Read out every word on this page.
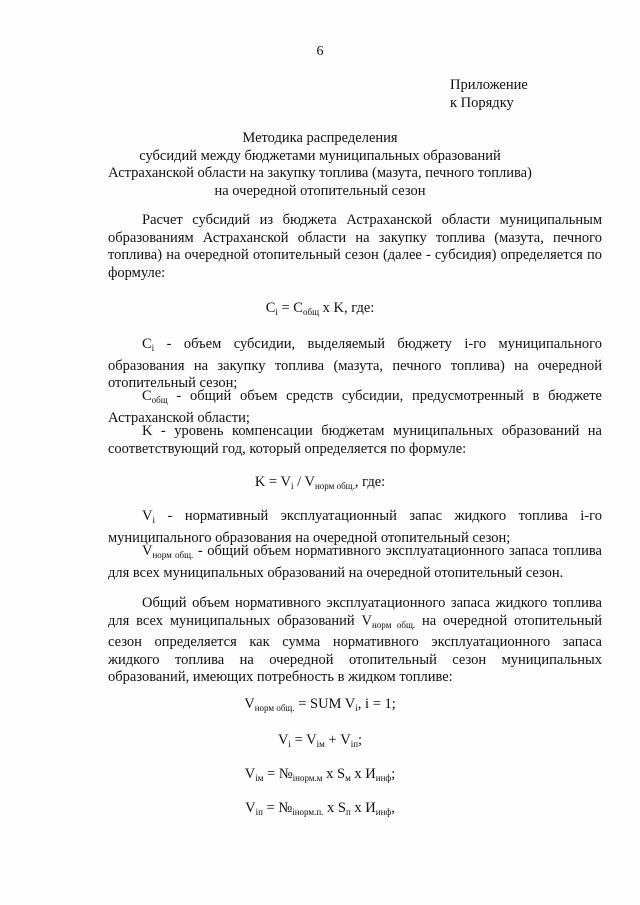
6
Приложение
к Порядку
Методика распределения
субсидий между бюджетами муниципальных образований
Астраханской области на закупку топлива (мазута, печного топлива)
на очередной отопительный сезон
Расчет субсидий из бюджета Астраханской области муниципальным образованиям Астраханской области на закупку топлива (мазута, печного топлива) на очередной отопительный сезон (далее - субсидия) определяется по формуле:
$C_i = C_{общ}$ x K, где:
$C_i$ - объем субсидии, выделяемый бюджету i-го муниципального образования на закупку топлива (мазута, печного топлива) на очередной отопительный сезон;
$C_{общ}$ - общий объем средств субсидии, предусмотренный в бюджете Астраханской области;
K - уровень компенсации бюджетам муниципальных образований на соответствующий год, который определяется по формуле:
$K = V_i / V_{норм общ.}$, где:
$V_i$ - нормативный эксплуатационный запас жидкого топлива i-го муниципального образования на очередной отопительный сезон;
$V_{норм общ.}$ - общий объем нормативного эксплуатационного запаса топлива для всех муниципальных образований на очередной отопительный сезон.
Общий объем нормативного эксплуатационного запаса жидкого топлива для всех муниципальных образований $V_{норм общ.}$ на очередной отопительный сезон определяется как сумма нормативного эксплуатационного запаса жидкого топлива на очередной отопительный сезон муниципальных образований, имеющих потребность в жидком топливе:
$V_{норм общ.}$ = SUM $V_i$, i = 1;
$V_i = V_{iм} + V_{iп}$;
$V_{iм}$ = $№_{iнорм.м}$ x $S_м$ x $И_{инф}$;
$V_{iп}$ = $№_{iнорм.п.}$ x $S_п$ x $И_{инф}$,
